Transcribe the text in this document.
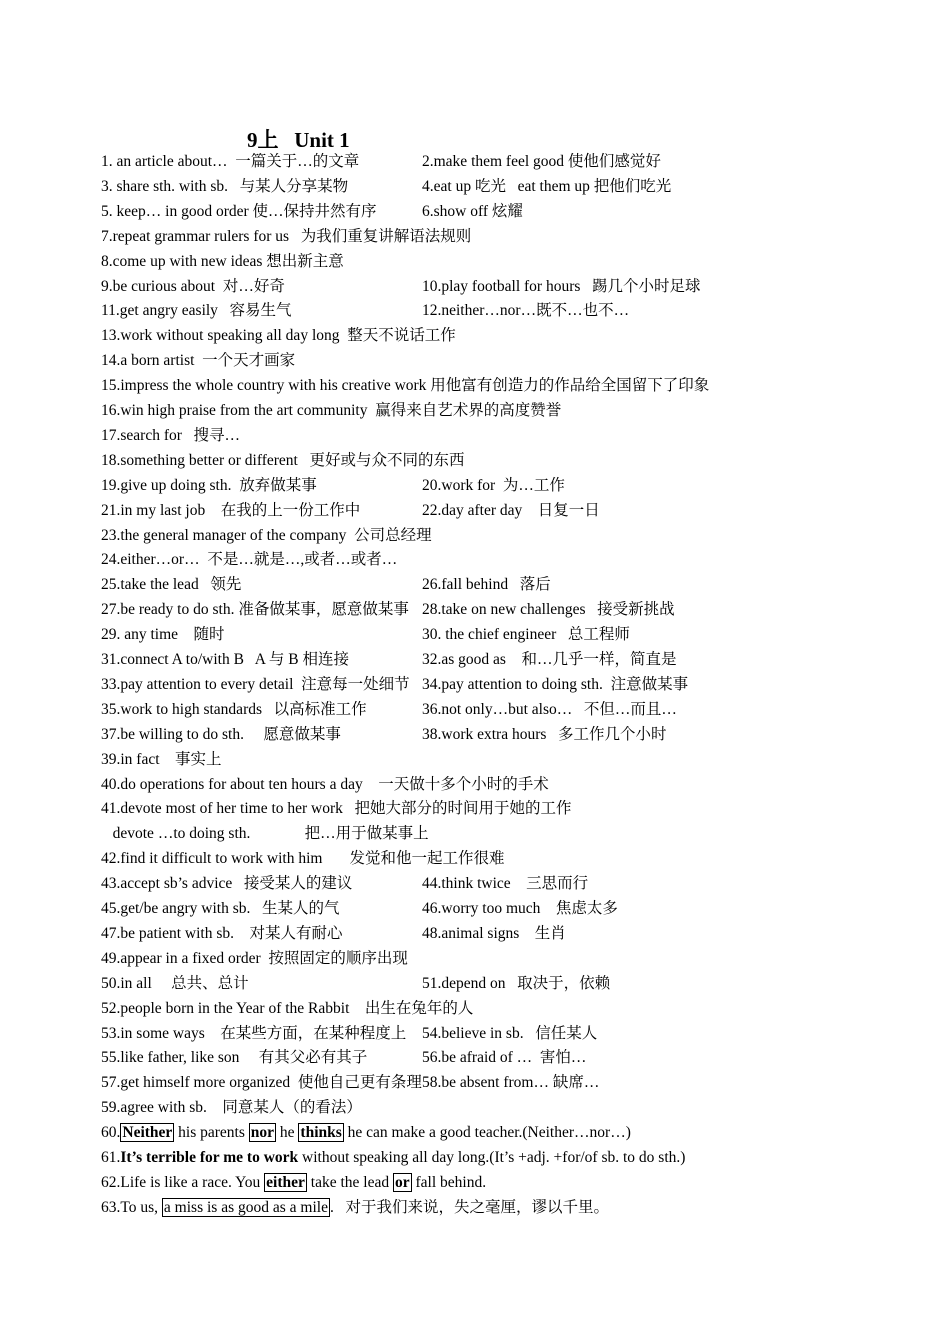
9上   Unit 1
1. an article about…  一篇关于…的文章	2.make them feel good 使他们感觉好
3. share sth. with sb.   与某人分享某物	4.eat up 吃光   eat them up 把他们吃光
5. keep… in good order 使…保持井然有序	6.show off 炫耀
7.repeat grammar rulers for us   为我们重复讲解语法规则
8.come up with new ideas 想出新主意
9.be curious about  对…好奇	10.play football for hours   踢几个小时足球
11.get angry easily   容易生气	12.neither…nor…既不…也不…
13.work without speaking all day long  整天不说话工作
14.a born artist  一个天才画家
15.impress the whole country with his creative work 用他富有创造力的作品给全国留下了印象
16.win high praise from the art community  赢得来自艺术界的高度赞誉
17.search for   搜寻…
18.something better or different   更好或与众不同的东西
19.give up doing sth.  放弃做某事	20.work for  为…工作
21.in my last job    在我的上一份工作中	22.day after day    日复一日
23.the general manager of the company  公司总经理
24.either…or…  不是…就是…,或者…或者…
25.take the lead   领先	26.fall behind   落后
27.be ready to do sth. 准备做某事，愿意做某事 28.take on new challenges   接受新挑战
29. any time    随时	30. the chief engineer   总工程师
31.connect A to/with B   A 与 B 相连接	32.as good as    和…几乎一样，简直是
33.pay attention to every detail  注意每一处细节 34.pay attention to doing sth.  注意做某事
35.work to high standards   以高标准工作	36.not only…but also…   不但…而且…
37.be willing to do sth.     愿意做某事	38.work extra hours   多工作几个小时
39.in fact    事实上
40.do operations for about ten hours a day    一天做十多个小时的手术
41.devote most of her time to her work   把她大部分的时间用于她的工作
devote …to doing sth.              把…用于做某事上
42.find it difficult to work with him       发觉和他一起工作很难
43.accept sb’s advice   接受某人的建议	44.think twice    三思而行
45.get/be angry with sb.   生某人的气	46.worry too much    焦虑太多
47.be patient with sb.    对某人有耐心	48.animal signs    生肖
49.appear in a fixed order  按照固定的顺序出现
50.in all     总共、总计	51.depend on   取决于，依赖
52.people born in the Year of the Rabbit    出生在兔年的人
53.in some ways    在某些方面，在某种程度上 54.believe in sb.   信任某人
55.like father, like son     有其父必有其子	56.be afraid of …  害怕…
57.get himself more organized  使他自己更有条理 58.be absent from… 缺席…
59.agree with sb.    同意某人（的看法）
60. Neither his parents nor he thinks he can make a good teacher.(Neither…nor…)
61.It’s terrible for me to work without speaking all day long.(It’s +adj. +for/of sb. to do sth.)
62.Life is like a race. You either take the lead or fall behind.
63.To us, a miss is as good as a mile .   对于我们来说，失之毫厘，谬以千里。
